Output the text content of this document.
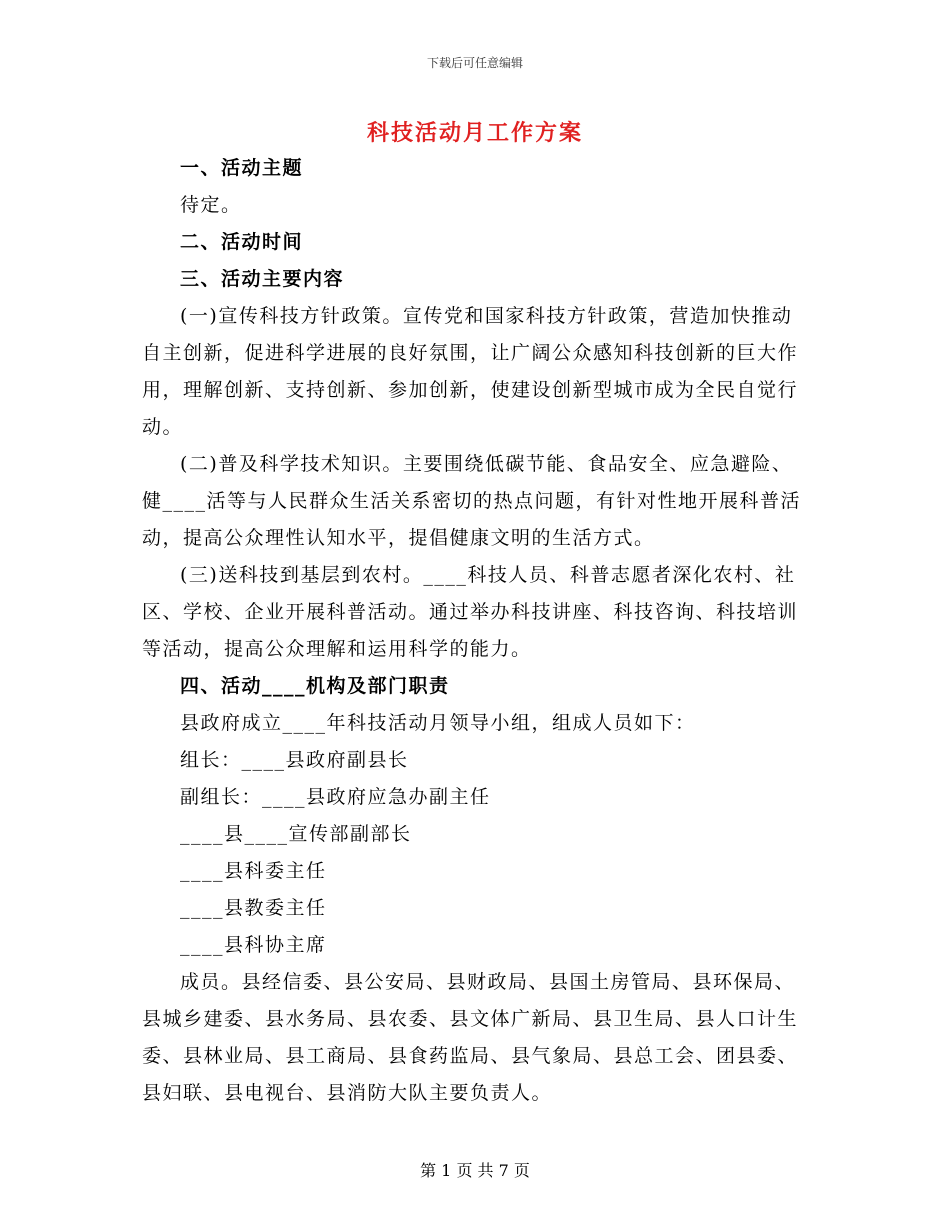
下载后可任意编辑
科技活动月工作方案

一、活动主题

待定。

二、活动时间

三、活动主要内容

(一)宣传科技方针政策。宣传党和国家科技方针政策，营造加快推动自主创新，促进科学进展的良好氛围，让广阔公众感知科技创新的巨大作用，理解创新、支持创新、参加创新，使建设创新型城市成为全民自觉行动。

(二)普及科学技术知识。主要围绕低碳节能、食品安全、应急避险、健____活等与人民群众生活关系密切的热点问题，有针对性地开展科普活动，提高公众理性认知水平，提倡健康文明的生活方式。

(三)送科技到基层到农村。____科技人员、科普志愿者深化农村、社区、学校、企业开展科普活动。通过举办科技讲座、科技咨询、科技培训等活动，提高公众理解和运用科学的能力。

四、活动____机构及部门职责

县政府成立____年科技活动月领导小组，组成人员如下：

组长：____县政府副县长

副组长：____县政府应急办副主任

____县____宣传部副部长

____县科委主任

____县教委主任

____县科协主席

成员。县经信委、县公安局、县财政局、县国土房管局、县环保局、县城乡建委、县水务局、县农委、县文体广新局、县卫生局、县人口计生委、县林业局、县工商局、县食药监局、县气象局、县总工会、团县委、县妇联、县电视台、县消防大队主要负责人。

第 1 页 共 7 页
